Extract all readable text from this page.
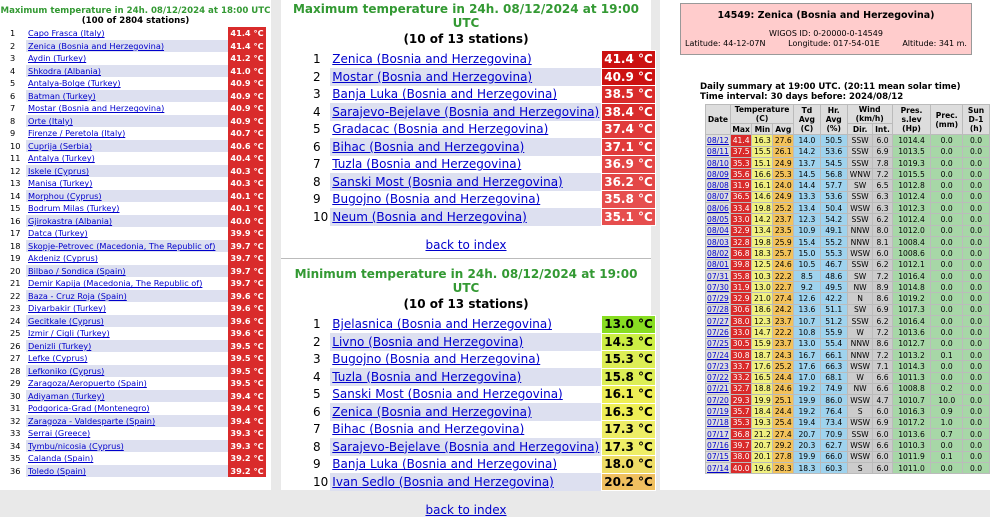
Maximum temperature in 24h. 08/12/2024 at 18:00 UTC
(100 of 2804 stations)
1	Capo Frasca (Italy)	41.4 °C
2	Zenica (Bosnia and Herzegovina)	41.4 °C
3	Aydin (Turkey)	41.2 °C
4	Shkodra (Albania)	41.0 °C
5	Antalya-Bolge (Turkey)	40.9 °C
6	Batman (Turkey)	40.9 °C
7	Mostar (Bosnia and Herzegovina)	40.9 °C
8	Orte (Italy)	40.9 °C
9	Firenze / Peretola (Italy)	40.7 °C
10	Cuprija (Serbia)	40.6 °C
11	Antalya (Turkey)	40.4 °C
12	Iskele (Cyprus)	40.3 °C
13	Manisa (Turkey)	40.3 °C
14	Morphou (Cyprus)	40.1 °C
15	Bodrum Milas (Turkey)	40.1 °C
16	Gjirokastra (Albania)	40.0 °C
17	Datca (Turkey)	39.9 °C
18	Skopje-Petrovec (Macedonia, The Republic of)	39.7 °C
19	Akdeniz (Cyprus)	39.7 °C
20	Bilbao / Sondica (Spain)	39.7 °C
21	Demir Kapija (Macedonia, The Republic of)	39.7 °C
22	Baza - Cruz Roja (Spain)	39.6 °C
23	Diyarbakir (Turkey)	39.6 °C
24	Gecitkale (Cyprus)	39.6 °C
25	Izmir / Cigli (Turkey)	39.6 °C
26	Denizli (Turkey)	39.5 °C
27	Lefke (Cyprus)	39.5 °C
28	Lefkoniko (Cyprus)	39.5 °C
29	Zaragoza/Aeropuerto (Spain)	39.5 °C
30	Adiyaman (Turkey)	39.4 °C
31	Podgorica-Grad (Montenegro)	39.4 °C
32	Zaragoza - Valdesparte (Spain)	39.4 °C
33	Serrai (Greece)	39.3 °C
34	Tymbu/nicosia (Cyprus)	39.3 °C
35	Calanda (Spain)	39.2 °C
36	Toledo (Spain)	39.2 °C
Maximum temperature in 24h. 08/12/2024 at 19:00 UTC
(10 of 13 stations)
1	Zenica (Bosnia and Herzegovina)	41.4 °C
2	Mostar (Bosnia and Herzegovina)	40.9 °C
3	Banja Luka (Bosnia and Herzegovina)	38.5 °C
4	Sarajevo-Bejelave (Bosnia and Herzegovina)	38.4 °C
5	Gradacac (Bosnia and Herzegovina)	37.4 °C
6	Bihac (Bosnia and Herzegovina)	37.1 °C
7	Tuzla (Bosnia and Herzegovina)	36.9 °C
8	Sanski Most (Bosnia and Herzegovina)	36.2 °C
9	Bugojno (Bosnia and Herzegovina)	35.8 °C
10	Neum (Bosnia and Herzegovina)	35.1 °C
back to index
Minimum temperature in 24h. 08/12/2024 at 19:00 UTC
(10 of 13 stations)
1	Bjelasnica (Bosnia and Herzegovina)	13.0 °C
2	Livno (Bosnia and Herzegovina)	14.3 °C
3	Bugojno (Bosnia and Herzegovina)	15.3 °C
4	Tuzla (Bosnia and Herzegovina)	15.8 °C
5	Sanski Most (Bosnia and Herzegovina)	16.1 °C
6	Zenica (Bosnia and Herzegovina)	16.3 °C
7	Bihac (Bosnia and Herzegovina)	17.3 °C
8	Sarajevo-Bejelave (Bosnia and Herzegovina)	17.3 °C
9	Banja Luka (Bosnia and Herzegovina)	18.0 °C
10	Ivan Sedlo (Bosnia and Herzegovina)	20.2 °C
back to index
14549: Zenica (Bosnia and Herzegovina)
WIGOS ID: 0-20000-0-14549
Latitude: 44-12-07N	Longitude: 017-54-01E	Altitude: 341 m.
Daily summary at 19:00 UTC. (20:11 mean solar time)
Time interval: 30 days before: 2024/08/12
Date	Temperature (C)			Td Avg (C)	Hr. Avg (%)	Wind (km/h)		Pres. s.lev (Hp)	Prec. (mm)	Sun D-1 (h)
	Max	Min	Avg			Dir.	Int.			
08/12	41.4	16.3	27.6	14.0	50.5	SSW	6.0	1014.4	0.0	0.0
08/11	37.5	15.5	26.1	14.2	53.6	SSW	6.9	1013.5	0.0	0.0
08/10	35.3	15.1	24.9	13.7	54.5	SSW	7.8	1019.3	0.0	0.0
08/09	35.6	16.6	25.3	14.5	56.8	WNW	7.2	1015.5	0.0	0.0
08/08	31.9	16.1	24.0	14.4	57.7	SW	6.5	1012.8	0.0	0.0
08/07	36.5	14.6	24.9	13.3	53.6	SSW	6.3	1012.4	0.0	0.0
08/06	33.4	19.8	25.2	13.4	50.4	WSW	6.3	1012.3	0.0	0.0
08/05	33.0	14.2	23.7	12.3	54.2	SSW	6.2	1012.4	0.0	0.0
08/04	32.9	13.4	23.5	10.9	49.1	NNW	8.0	1012.0	0.0	0.0
08/03	32.8	19.8	25.9	15.4	55.2	NNW	8.1	1008.4	0.0	0.0
08/02	36.8	18.3	25.7	15.0	55.3	WSW	6.0	1008.6	0.0	0.0
08/01	39.8	12.5	24.6	10.5	46.7	SSW	6.2	1012.1	0.0	0.0
07/31	35.8	10.3	22.2	8.5	48.6	SW	7.2	1016.4	0.0	0.0
07/30	31.9	13.0	22.7	9.2	49.5	NW	8.9	1014.8	0.0	0.0
07/29	32.9	21.0	27.4	12.6	42.2	N	8.6	1019.2	0.0	0.0
07/28	30.6	18.6	24.2	13.6	51.1	SW	6.9	1017.3	0.0	0.0
07/27	38.0	12.3	23.7	10.7	51.2	SSW	6.2	1016.4	0.0	0.0
07/26	33.0	14.7	22.2	10.8	55.9	W	7.2	1013.6	0.0	0.0
07/25	30.5	15.9	23.7	13.0	55.4	NNW	8.6	1012.7	0.0	0.0
07/24	30.8	18.7	24.3	16.7	66.1	NNW	7.2	1013.2	0.1	0.0
07/23	33.7	17.6	25.2	17.6	66.3	WSW	7.1	1014.3	0.0	0.0
07/22	33.2	16.5	24.4	17.0	68.1	W	6.6	1011.3	0.0	0.0
07/21	32.7	18.8	24.6	19.2	74.9	NW	6.6	1008.8	0.2	0.0
07/20	29.3	19.9	25.1	19.9	86.0	WSW	4.7	1010.7	10.0	0.0
07/19	35.7	18.4	24.4	19.2	76.4	S	6.0	1016.3	0.9	0.0
07/18	35.3	19.3	25.4	19.4	73.4	WSW	6.9	1017.2	1.0	0.0
07/17	36.8	21.2	27.4	20.7	70.9	SSW	6.0	1013.6	0.7	0.0
07/16	39.7	20.7	29.2	20.3	62.7	WSW	6.6	1010.3	0.0	0.0
07/15	38.0	20.1	27.8	19.9	66.0	WSW	6.0	1011.9	0.1	0.0
07/14	40.0	19.6	28.3	18.3	60.3	S	6.0	1011.0	0.0	0.0
